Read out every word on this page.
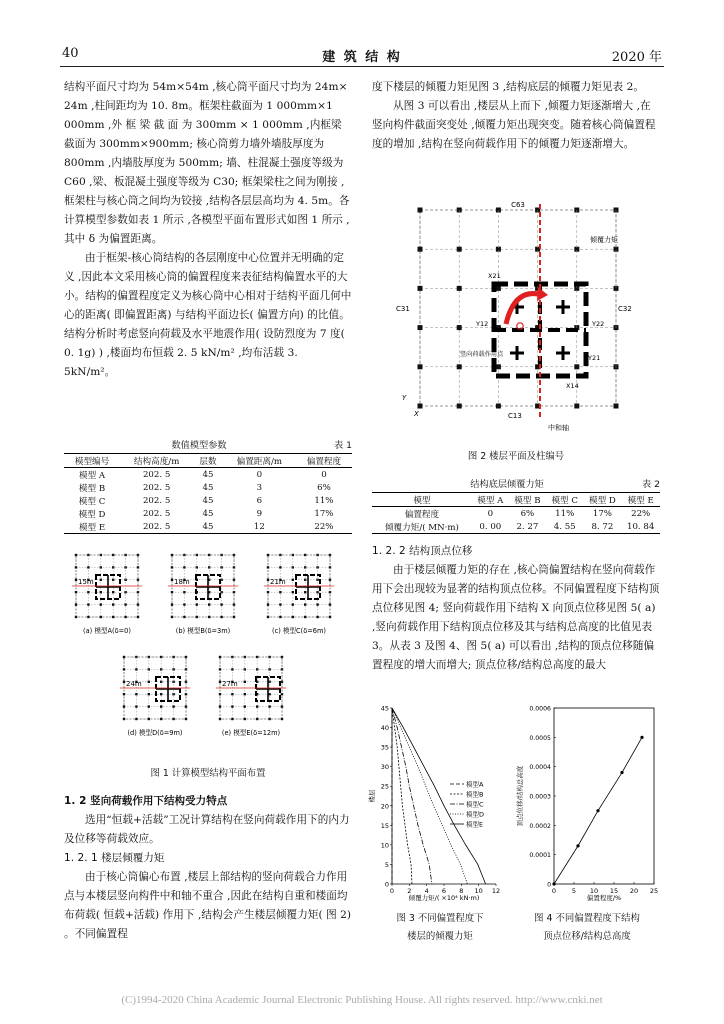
40	建 筑 结 构	2020 年

结构平面尺寸均为 54m×54m ,核心筒平面尺寸均为 24m× 24m ,柱间距均为 10. 8m。框架柱截面为 1 000mm×1 000mm ,外 框 梁 截 面 为 300mm × 1 000mm ,内框梁截面为 300mm×900mm; 核心筒剪力墙外墙肢厚度为 800mm ,内墙肢厚度为 500mm; 墙、柱混凝土强度等级为 C60 ,梁、板混凝土强度等级为 C30; 框架梁柱之间为刚接 ,框架柱与核心筒之间均为铰接 ,结构各层层高均为 4. 5m。各计算模型参数如表 1 所示 ,各模型平面布置形式如图 1 所示 ,其中 δ 为偏置距离。

由于框架-核心筒结构的各层刚度中心位置并无明确的定义 ,因此本文采用核心筒的偏置程度来表征结构偏置水平的大小。结构的偏置程度定义为核心筒中心相对于结构平面几何中心的距离( 即偏置距离) 与结构平面边长( 偏置方向) 的比值。结构分析时考虑竖向荷载及水平地震作用( 设防烈度为 7 度( 0. 1g) ) ,楼面均布恒载 2. 5 kN/m² ,均布活载 3. 5kN/m²。

数值模型参数	表 1
模型编号	结构高度/m	层数	偏置距离/m	偏置程度
模型 A	202. 5	45	0	0
模型 B	202. 5	45	3	6%
模型 C	202. 5	45	6	11%
模型 D	202. 5	45	9	17%
模型 E	202. 5	45	12	22%
15m
(a) 模型A(δ=0)
18m
(b) 模型B(δ=3m)
21m
(c) 模型C(δ=6m)
24m
(d) 模型D(δ=9m)
27m
(e) 模型E(δ=12m)
图 1 计算模型结构平面布置

1. 2 竖向荷载作用下结构受力特点

选用“恒载+活载”工况计算结构在竖向荷载作用下的内力及位移等荷载效应。

1. 2. 1 楼层倾覆力矩

由于核心筒偏心布置 ,楼层上部结构的竖向荷载合力作用点与本楼层竖向构件中和轴不重合 ,因此在结构自重和楼面均布荷载( 恒载+活载) 作用下 ,结构会产生楼层倾覆力矩( 图 2) 。不同偏置程

度下楼层的倾覆力矩见图 3 ,结构底层的倾覆力矩见表 2。

从图 3 可以看出 ,楼层从上而下 ,倾覆力矩逐渐增大 ,在竖向构件截面突变处 ,倾覆力矩出现突变。随着核心筒偏置程度的增加 ,结构在竖向荷载作用下的倾覆力矩逐渐增大。

C63
C31	C32
C13
X21
X14
Y12	Y22
Y21
倾覆力矩
竖向荷载作用点
中和轴
Y
X
图 2 楼层平面及柱编号
结构底层倾覆力矩	表 2
模型	模型 A	模型 B	模型 C	模型 D	模型 E
偏置程度	0	6%	11%	17%	22%
倾覆力矩/( MN·m)	0. 00	2. 27	4. 55	8. 72	10. 84

1. 2. 2 结构顶点位移

由于楼层倾覆力矩的存在 ,核心筒偏置结构在竖向荷载作用下会出现较为显著的结构顶点位移。不同偏置程度下结构顶点位移见图 4; 竖向荷载作用下结构 X 向顶点位移见图 5( a) ,竖向荷载作用下结构顶点位移及其与结构总高度的比值见表 3。从表 3 及图 4、图 5( a) 可以看出 ,结构的顶点位移随偏置程度的增大而增大; 顶点位移/结构总高度的最大

0 2 4 6 8 10 12
0
5
10
15
20
25
30
35
40
45
模型A
模型B
模型C
模型D
模型E
倾覆力矩/( ×10⁴ kN·m)
楼层
图 3 不同偏置程度下
楼层的倾覆力矩
0 5 10 15 20 25
0
0.0001
0.0002
0.0003
0.0004
0.0005
0.0006
偏置程度/%
顶点位移/结构总高度
图 4 不同偏置程度下结构
顶点位移/结构总高度
(C)1994-2020 China Academic Journal Electronic Publishing House. All rights reserved. http://www.cnki.net
